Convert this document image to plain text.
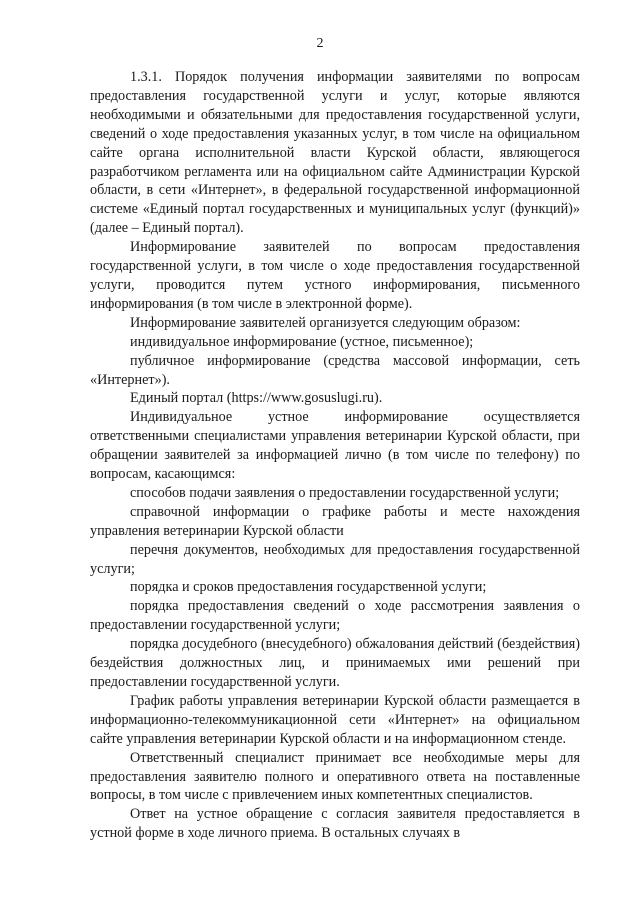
2

1.3.1. Порядок получения информации заявителями по вопросам предоставления государственной услуги и услуг, которые являются необходимыми и обязательными для предоставления государственной услуги, сведений о ходе предоставления указанных услуг, в том числе на официальном сайте органа исполнительной власти Курской области, являющегося разработчиком регламента или на официальном сайте Администрации Курской области, в сети «Интернет», в федеральной государственной информационной системе «Единый портал государственных и муниципальных услуг (функций)» (далее – Единый портал).

Информирование заявителей по вопросам предоставления государственной услуги, в том числе о ходе предоставления государственной услуги, проводится путем устного информирования, письменного информирования (в том числе в электронной форме).

Информирование заявителей организуется следующим образом:

индивидуальное информирование (устное, письменное);

публичное информирование (средства массовой информации, сеть «Интернет»).

Единый портал (https://www.gosuslugi.ru).

Индивидуальное устное информирование осуществляется ответственными специалистами управления ветеринарии Курской области, при обращении заявителей за информацией лично (в том числе по телефону) по вопросам, касающимся:

способов подачи заявления о предоставлении государственной услуги;

справочной информации о графике работы и месте нахождения управления ветеринарии Курской области

перечня документов, необходимых для предоставления государственной услуги;

порядка и сроков предоставления государственной услуги;

порядка предоставления сведений о ходе рассмотрения заявления о предоставлении государственной услуги;

порядка досудебного (внесудебного) обжалования действий (бездействия) бездействия должностных лиц, и принимаемых ими решений при предоставлении государственной услуги.

График работы управления ветеринарии Курской области размещается в информационно-телекоммуникационной сети «Интернет» на официальном сайте управления ветеринарии Курской области и на информационном стенде.

Ответственный специалист принимает все необходимые меры для предоставления заявителю полного и оперативного ответа на поставленные вопросы, в том числе с привлечением иных компетентных специалистов.

Ответ на устное обращение с согласия заявителя предоставляется в устной форме в ходе личного приема. В остальных случаях в
